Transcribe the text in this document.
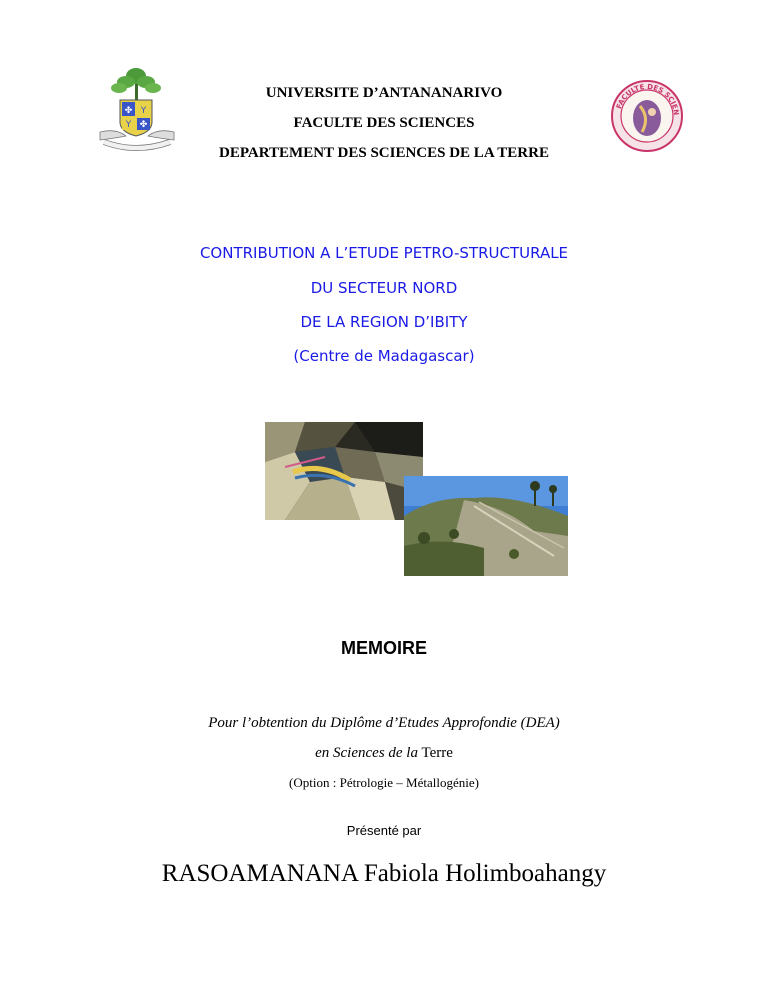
✤ Y
Y ✤
FACULTE DES SCIEN
UNIVERSITE D’ANTANANARIVO
FACULTE DES SCIENCES
DEPARTEMENT DES SCIENCES DE LA TERRE
CONTRIBUTION A L’ETUDE PETRO-STRUCTURALE
DU SECTEUR NORD
DE LA REGION D’IBITY
(Centre de Madagascar)
MEMOIRE
Pour l’obtention du Diplôme d’Etudes Approfondie (DEA)
en Sciences de la Terre
(Option : Pétrologie – Métallogénie)
Présenté par
RASOAMANANA Fabiola Holimboahangy
